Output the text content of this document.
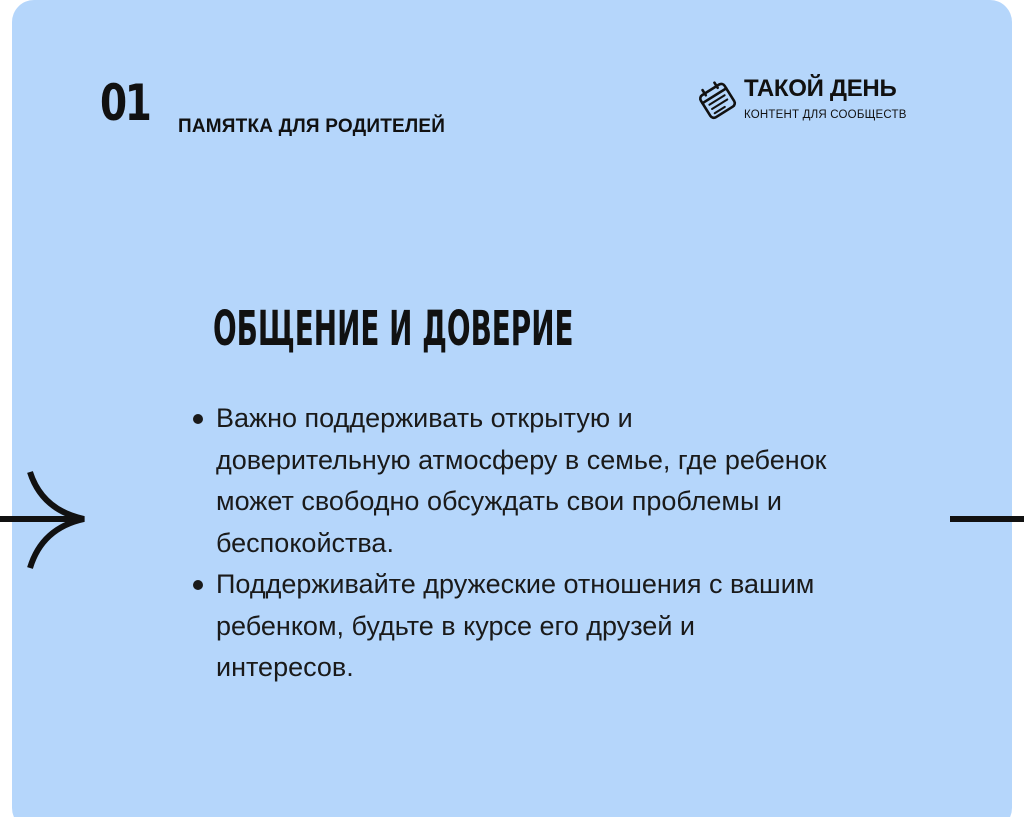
01 ПАМЯТКА ДЛЯ РОДИТЕЛЕЙ
ТАКОЙ ДЕНЬ
КОНТЕНТ ДЛЯ СООБЩЕСТВ
ОБЩЕНИЕ И ДОВЕРИЕ
Важно поддерживать открытую и доверительную атмосферу в семье, где ребенок может свободно обсуждать свои проблемы и беспокойства.
Поддерживайте дружеские отношения с вашим ребенком, будьте в курсе его друзей и интересов.
